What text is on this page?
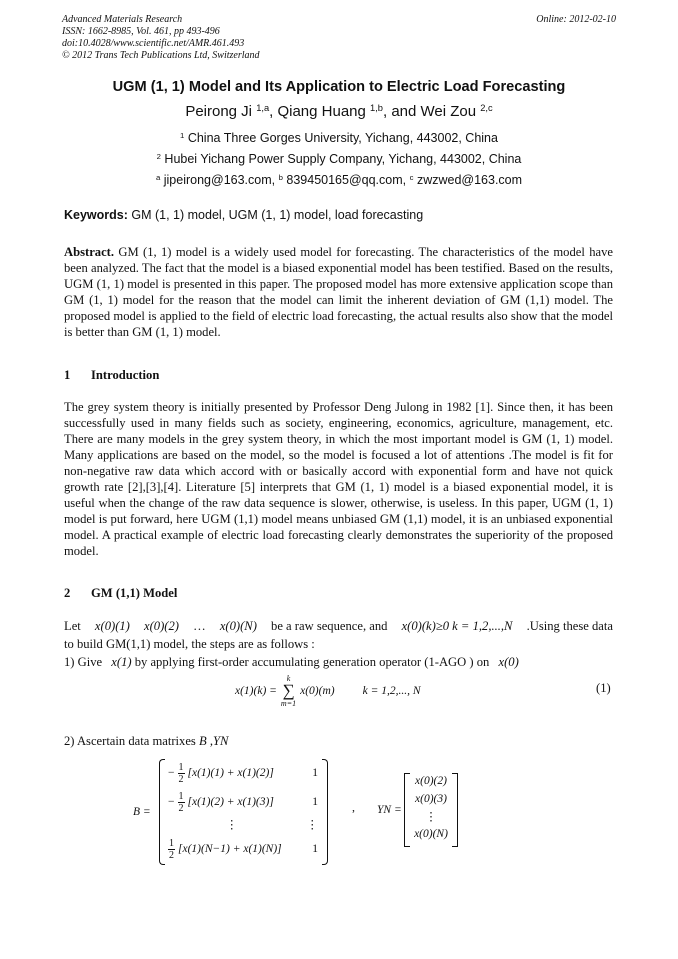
Advanced Materials Research
ISSN: 1662-8985, Vol. 461, pp 493-496
doi:10.4028/www.scientific.net/AMR.461.493
© 2012 Trans Tech Publications Ltd, Switzerland
Online: 2012-02-10
UGM (1, 1) Model and Its Application to Electric Load Forecasting
Peirong Ji $^{1,a}$, Qiang Huang $^{1,b}$, and Wei Zou $^{2,c}$
$^1$ China Three Gorges University, Yichang, 443002, China
$^2$ Hubei Yichang Power Supply Company, Yichang, 443002, China
$^a$ jipeirong@163.com, $^b$ 839450165@qq.com, $^c$ zwzwed@163.com
Keywords: GM (1, 1) model, UGM (1, 1) model, load forecasting
Abstract. GM (1, 1) model is a widely used model for forecasting. The characteristics of the model have been analyzed. The fact that the model is a biased exponential model has been testified. Based on the results, UGM (1, 1) model is presented in this paper. The proposed model has more extensive application scope than GM (1, 1) model for the reason that the model can limit the inherent deviation of GM (1,1) model. The proposed model is applied to the field of electric load forecasting, the actual results also show that the model is better than GM (1, 1) model.
1 Introduction
The grey system theory is initially presented by Professor Deng Julong in 1982 [1]. Since then, it has been successfully used in many fields such as society, engineering, economics, agriculture, management, etc. There are many models in the grey system theory, in which the most important model is GM (1, 1) model. Many applications are based on the model, so the model is focused a lot of attentions .The model is fit for non-negative raw data which accord with or basically accord with exponential form and have not quick growth rate [2],[3],[4]. Literature [5] interprets that GM (1, 1) model is a biased exponential model, it is useful when the change of the raw data sequence is slower, otherwise, is useless. In this paper, UGM (1, 1) model is put forward, here UGM (1,1) model means unbiased GM (1,1) model, it is an unbiased exponential model. A practical example of electric load forecasting clearly demonstrates the superiority of the proposed model.
2 GM (1,1) Model
Let x(0)(1) x(0)(2) … x(0)(N) be a raw sequence, and x(0)(k)≥0 k = 1,2,...,N .Using these data
to build GM(1,1) model, the steps are as follows :
1) Give x(1) by applying first-order accumulating generation operator (1-AGO ) on x(0)
x(1)(k) =
k
∑
m=1
x(0)(m) k = 1,2,..., N	(1)
2) Ascertain data matrixes B ,YN
B =
− $\frac{1}{2} [x(1)(1) + x(1)(2)]$	1
− $\frac{1}{2} [x(1)(2) + x(1)(3)]$	1
⋮	⋮
$\frac{1}{2} [x(1)(N-1) + x(1)(N)]$	1
, YN =
x(0)(2)
x(0)(3)
⋮
x(0)(N)
